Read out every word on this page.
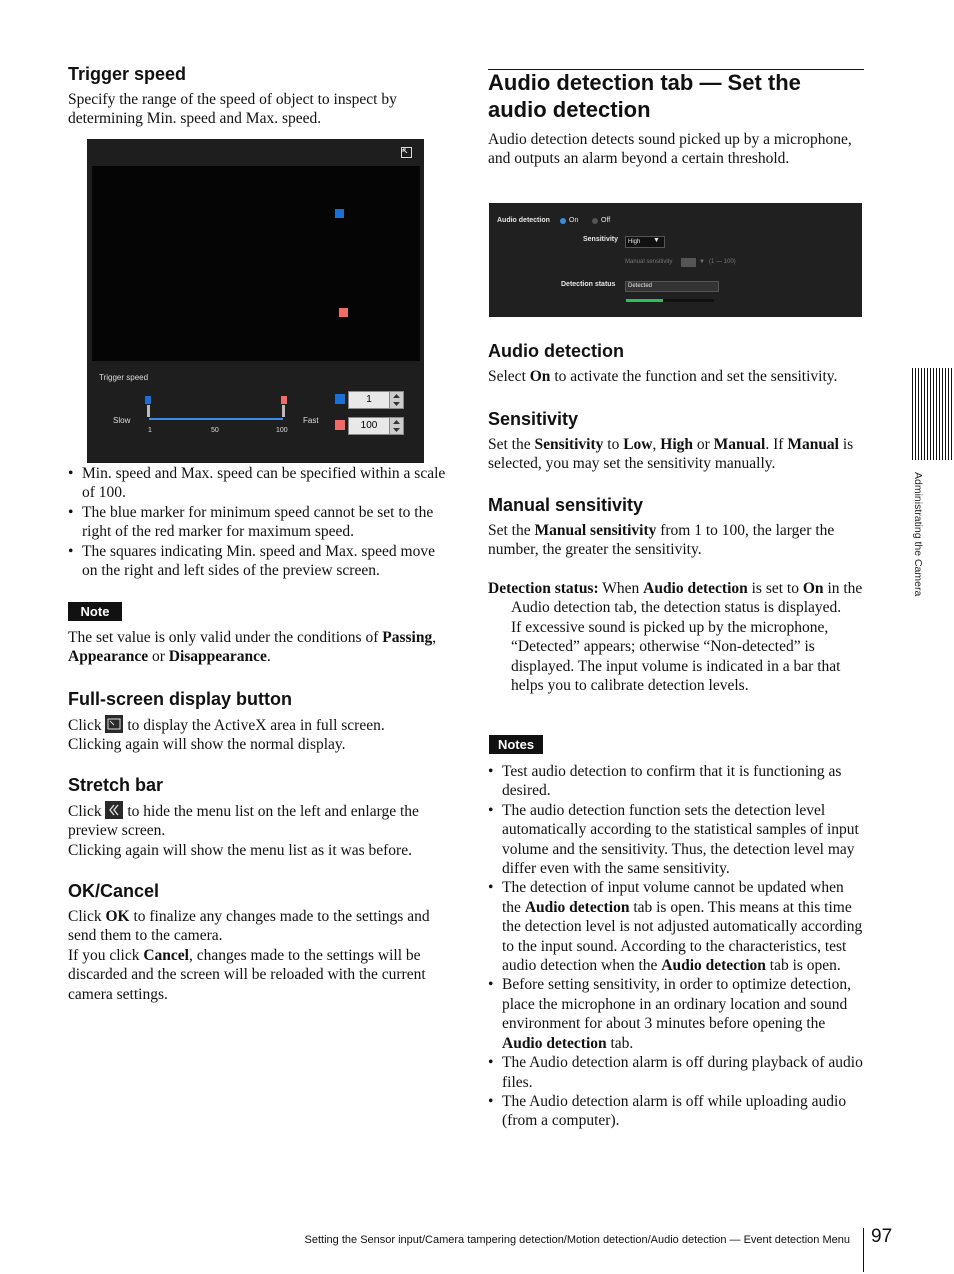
Trigger speed

Specify the range of the speed of object to inspect by determining Min. speed and Max. speed.

Trigger speed
Slow	Fast
1	50	100
1
100
• Min. speed and Max. speed can be specified within a scale of 100.
• The blue marker for minimum speed cannot be set to the right of the red marker for maximum speed.
• The squares indicating Min. speed and Max. speed move on the right and left sides of the preview screen.
Note

The set value is only valid under the conditions of Passing, Appearance or Disappearance.

Full-screen display button

Click to display the ActiveX area in full screen.
Clicking again will show the normal display.

Stretch bar

Click to hide the menu list on the left and enlarge the preview screen.
Clicking again will show the menu list as it was before.

OK/Cancel

Click OK to finalize any changes made to the settings and send them to the camera.
If you click Cancel, changes made to the settings will be discarded and the screen will be reloaded with the current camera settings.

Audio detection tab — Set the
audio detection

Audio detection detects sound picked up by a microphone, and outputs an alarm beyond a certain threshold.

Audio detection	On	Off
Sensitivity	High	▼
Manual sensitivity	▼ (1 — 100)
Detection status	Detected
Audio detection

Select On to activate the function and set the sensitivity.

Sensitivity

Set the Sensitivity to Low, High or Manual. If Manual is selected, you may set the sensitivity manually.

Manual sensitivity

Set the Manual sensitivity from 1 to 100, the larger the number, the greater the sensitivity.

Detection status: When Audio detection is set to On in the Audio detection tab, the detection status is displayed.

If excessive sound is picked up by the microphone, “Detected” appears; otherwise “Non-detected” is displayed. The input volume is indicated in a bar that helps you to calibrate detection levels.

Notes
• Test audio detection to confirm that it is functioning as desired.
• The audio detection function sets the detection level automatically according to the statistical samples of input volume and the sensitivity. Thus, the detection level may differ even with the same sensitivity.
• The detection of input volume cannot be updated when the Audio detection tab is open. This means at this time the detection level is not adjusted automatically according to the input sound. According to the characteristics, test audio detection when the Audio detection tab is open.
• Before setting sensitivity, in order to optimize detection, place the microphone in an ordinary location and sound environment for about 3 minutes before opening the Audio detection tab.
• The Audio detection alarm is off during playback of audio files.
• The Audio detection alarm is off while uploading audio (from a computer).
Administrating the Camera
Setting the Sensor input/Camera tampering detection/Motion detection/Audio detection — Event detection Menu 97
